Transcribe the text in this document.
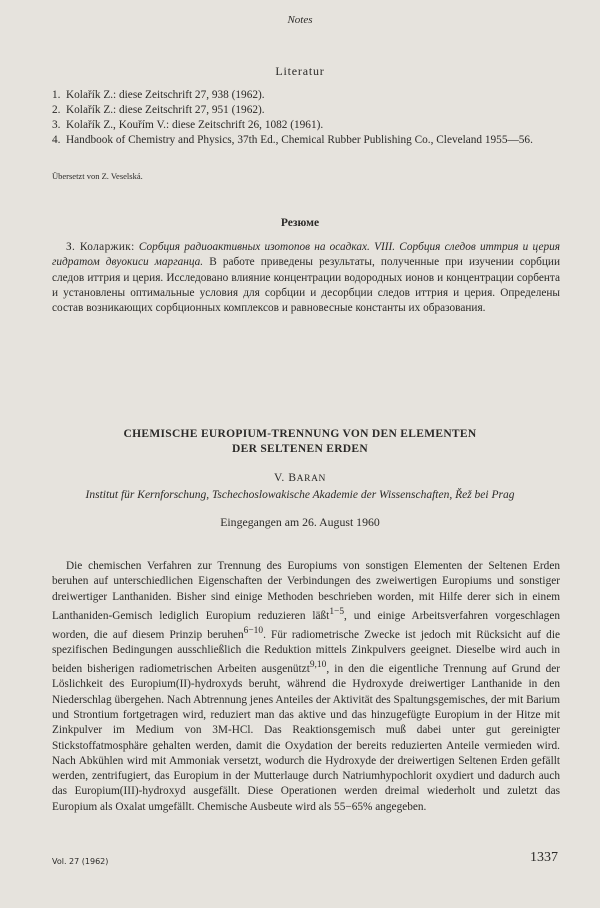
Notes
Literatur
1. Kolařík Z.: diese Zeitschrift 27, 938 (1962).
2. Kolařík Z.: diese Zeitschrift 27, 951 (1962).
3. Kolařík Z., Kouřím V.: diese Zeitschrift 26, 1082 (1961).
4. Handbook of Chemistry and Physics, 37th Ed., Chemical Rubber Publishing Co., Cleveland 1955—56.
Übersetzt von Z. Veselská.
Резюме
З. Коларжик: Сорбция радиоактивных изотопов на осадках. VIII. Сорбция следов иттрия и церия гидратом двуокиси марганца. В работе приведены результаты, полученные при изучении сорбции следов иттрия и церия. Исследовано влияние концентрации водородных ионов и концентрации сорбента и установлены оптимальные условия для сорбции и десорбции следов иттрия и церия. Определены состав возникающих сорбционных комплексов и равновесные константы их образования.
CHEMISCHE EUROPIUM-TRENNUNG VON DEN ELEMENTEN
DER SELTENEN ERDEN
V. BARAN
Institut für Kernforschung, Tschechoslowakische Akademie der Wissenschaften, Řež bei Prag
Eingegangen am 26. August 1960
Die chemischen Verfahren zur Trennung des Europiums von sonstigen Elementen der Seltenen Erden beruhen auf unterschiedlichen Eigenschaften der Verbindungen des zweiwertigen Europiums und sonstiger dreiwertiger Lanthaniden. Bisher sind einige Methoden beschrieben worden, mit Hilfe derer sich in einem Lanthaniden-Gemisch lediglich Europium reduzieren läßt$^{1-5}$, und einige Arbeitsverfahren vorgeschlagen worden, die auf diesem Prinzip beruhen$^{6-10}$. Für radiometrische Zwecke ist jedoch mit Rücksicht auf die spezifischen Bedingungen ausschließlich die Reduktion mittels Zinkpulvers geeignet. Dieselbe wird auch in beiden bisherigen radiometrischen Arbeiten ausgenützt$^{9,10}$, in den die eigentliche Trennung auf Grund der Löslichkeit des Europium(II)-hydroxyds beruht, während die Hydroxyde dreiwertiger Lanthanide in den Niederschlag übergehen. Nach Abtrennung jenes Anteiles der Aktivität des Spaltungsgemisches, der mit Barium und Strontium fortgetragen wird, reduziert man das aktive und das hinzugefügte Europium in der Hitze mit Zinkpulver im Medium von 3M-HCl. Das Reaktionsgemisch muß dabei unter gut gereinigter Stickstoffatmosphäre gehalten werden, damit die Oxydation der bereits reduzierten Anteile vermieden wird. Nach Abkühlen wird mit Ammoniak versetzt, wodurch die Hydroxyde der dreiwertigen Seltenen Erden gefällt werden, zentrifugiert, das Europium in der Mutterlauge durch Natriumhypochlorit oxydiert und dadurch auch das Europium(III)-hydroxyd ausgefällt. Diese Operationen werden dreimal wiederholt und zuletzt das Europium als Oxalat umgefällt. Chemische Ausbeute wird als 55−65% angegeben.
Vol. 27 (1962)	1337
